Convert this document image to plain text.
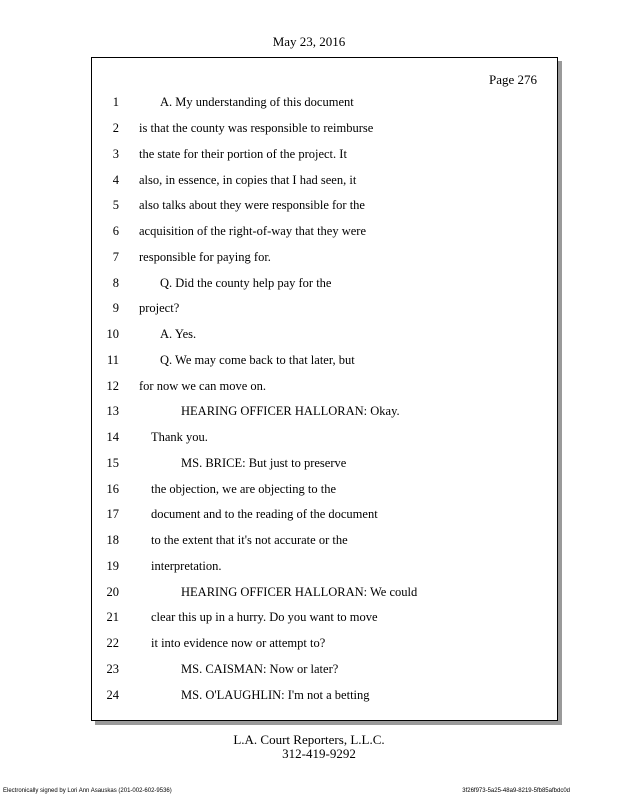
May 23, 2016
Page 276
1	A. My understanding of this document
2 is that the county was responsible to reimburse
3 the state for their portion of the project. It
4 also, in essence, in copies that I had seen, it
5 also talks about they were responsible for the
6 acquisition of the right-of-way that they were
7 responsible for paying for.
8	Q. Did the county help pay for the
9 project?
10	A. Yes.
11	Q. We may come back to that later, but
12 for now we can move on.
13	HEARING OFFICER HALLORAN: Okay.
14	Thank you.
15	MS. BRICE: But just to preserve
16	the objection, we are objecting to the
17	document and to the reading of the document
18	to the extent that it's not accurate or the
19	interpretation.
20	HEARING OFFICER HALLORAN: We could
21	clear this up in a hurry. Do you want to move
22	it into evidence now or attempt to?
23	MS. CAISMAN: Now or later?
24	MS. O'LAUGHLIN: I'm not a betting
L.A. Court Reporters, L.L.C.
312-419-9292
Electronically signed by Lori Ann Asauskas (201-002-602-9536)	3f26f973-5a25-48a9-8219-5fb85afbdc0d
